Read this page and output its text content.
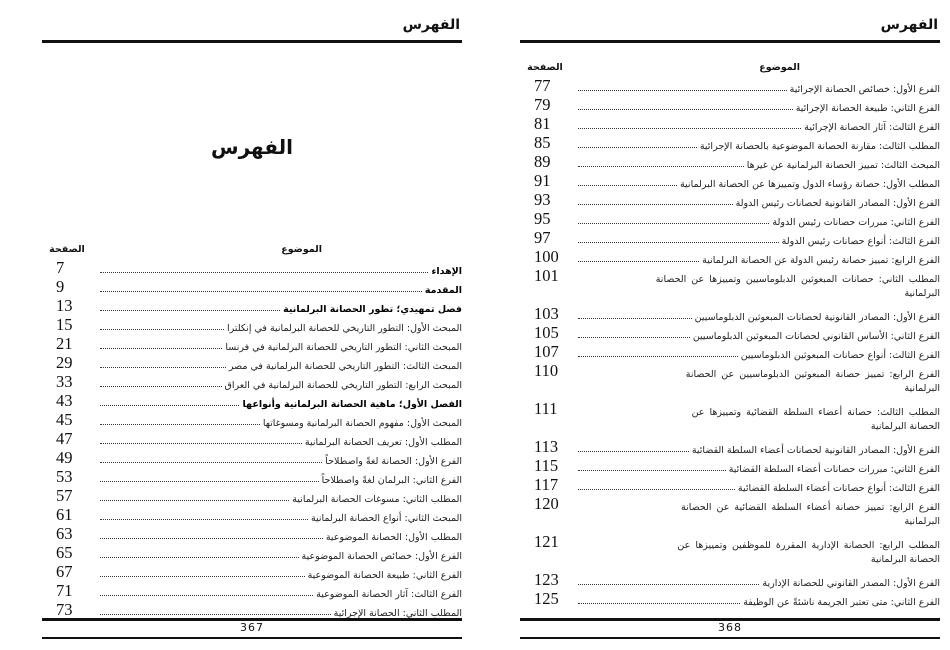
الفهرس
الفهرس
الموضوع
الصفحة
7	الإهداء
9	المقدمة
13	فصل تمهيدي؛ تطور الحصانة البرلمانية
15	المبحث الأول: التطور التاريخي للحصانة البرلمانية في إنكلترا
21	المبحث الثاني: التطور التاريخي للحصانة البرلمانية في فرنسا
29	المبحث الثالث: التطور التاريخي للحصانة البرلمانية في مصر
33	المبحث الرابع: التطور التاريخي للحصانة البرلمانية في العراق
43	الفصل الأول؛ ماهية الحصانة البرلمانية وأنواعها
45	المبحث الأول: مفهوم الحصانة البرلمانية ومسوغاتها
47	المطلب الأول: تعريف الحصانة البرلمانية
49	الفرع الأول: الحصانة لغةً واصطلاحاً
53	الفرع الثاني: البرلمان لغةً واصطلاحاً
57	المطلب الثاني: مسوغات الحصانة البرلمانية
61	المبحث الثاني: أنواع الحصانة البرلمانية
63	المطلب الأول: الحصانة الموضوعية
65	الفرع الأول: خصائص الحصانة الموضوعية
67	الفرع الثاني: طبيعة الحصانة الموضوعية
71	الفرع الثالث: آثار الحصانة الموضوعية
73	المطلب الثاني: الحصانة الإجرائية
367
الفهرس
الموضوع
الصفحة
77	الفرع الأول: خصائص الحصانة الإجرائية
79	الفرع الثاني: طبيعة الحصانة الإجرائية
81	الفرع الثالث: آثار الحصانة الإجرائية
85	المطلب الثالث: مقارنة الحصانة الموضوعية بالحصانة الإجرائية
89	المبحث الثالث: تمييز الحصانة البرلمانية عن غيرها
91	المطلب الأول: حصانة رؤساء الدول وتمييزها عن الحصانة البرلمانية
93	الفرع الأول: المصادر القانونية لحصانات رئيس الدولة
95	الفرع الثاني: مبررات حصانات رئيس الدولة
97	الفرع الثالث: أنواع حصانات رئيس الدولة
100	الفرع الرابع: تمييز حصانة رئيس الدولة عن الحصانة البرلمانية
101	المطلب الثاني: حصانات المبعوثين الدبلوماسيين وتمييزها عن الحصانة
البرلمانية
103	الفرع الأول: المصادر القانونية لحصانات المبعوثين الدبلوماسيين
105	الفرع الثاني: الأساس القانوني لحصانات المبعوثين الدبلوماسيين
107	الفرع الثالث: أنواع حصانات المبعوثين الدبلوماسيين
110	الفرع الرابع: تمييز حصانة المبعوثين الدبلوماسيين عن الحصانة
البرلمانية
111	المطلب الثالث: حصانة أعضاء السلطة القضائية وتمييزها عن
الحصانة البرلمانية
113	الفرع الأول: المصادر القانونية لحصانات أعضاء السلطة القضائية
115	الفرع الثاني: مبررات حصانات أعضاء السلطة القضائية
117	الفرع الثالث: أنواع حصانات أعضاء السلطة القضائية
120	الفرع الرابع: تمييز حصانة أعضاء السلطة القضائية عن الحصانة
البرلمانية
121	المطلب الرابع: الحصانة الإدارية المقررة للموظفين وتمييزها عن
الحصانة البرلمانية
123	الفرع الأول: المصدر القانوني للحصانة الإدارية
125	الفرع الثاني: متى تعتبر الجريمة ناشئةً عن الوظيفة
368
